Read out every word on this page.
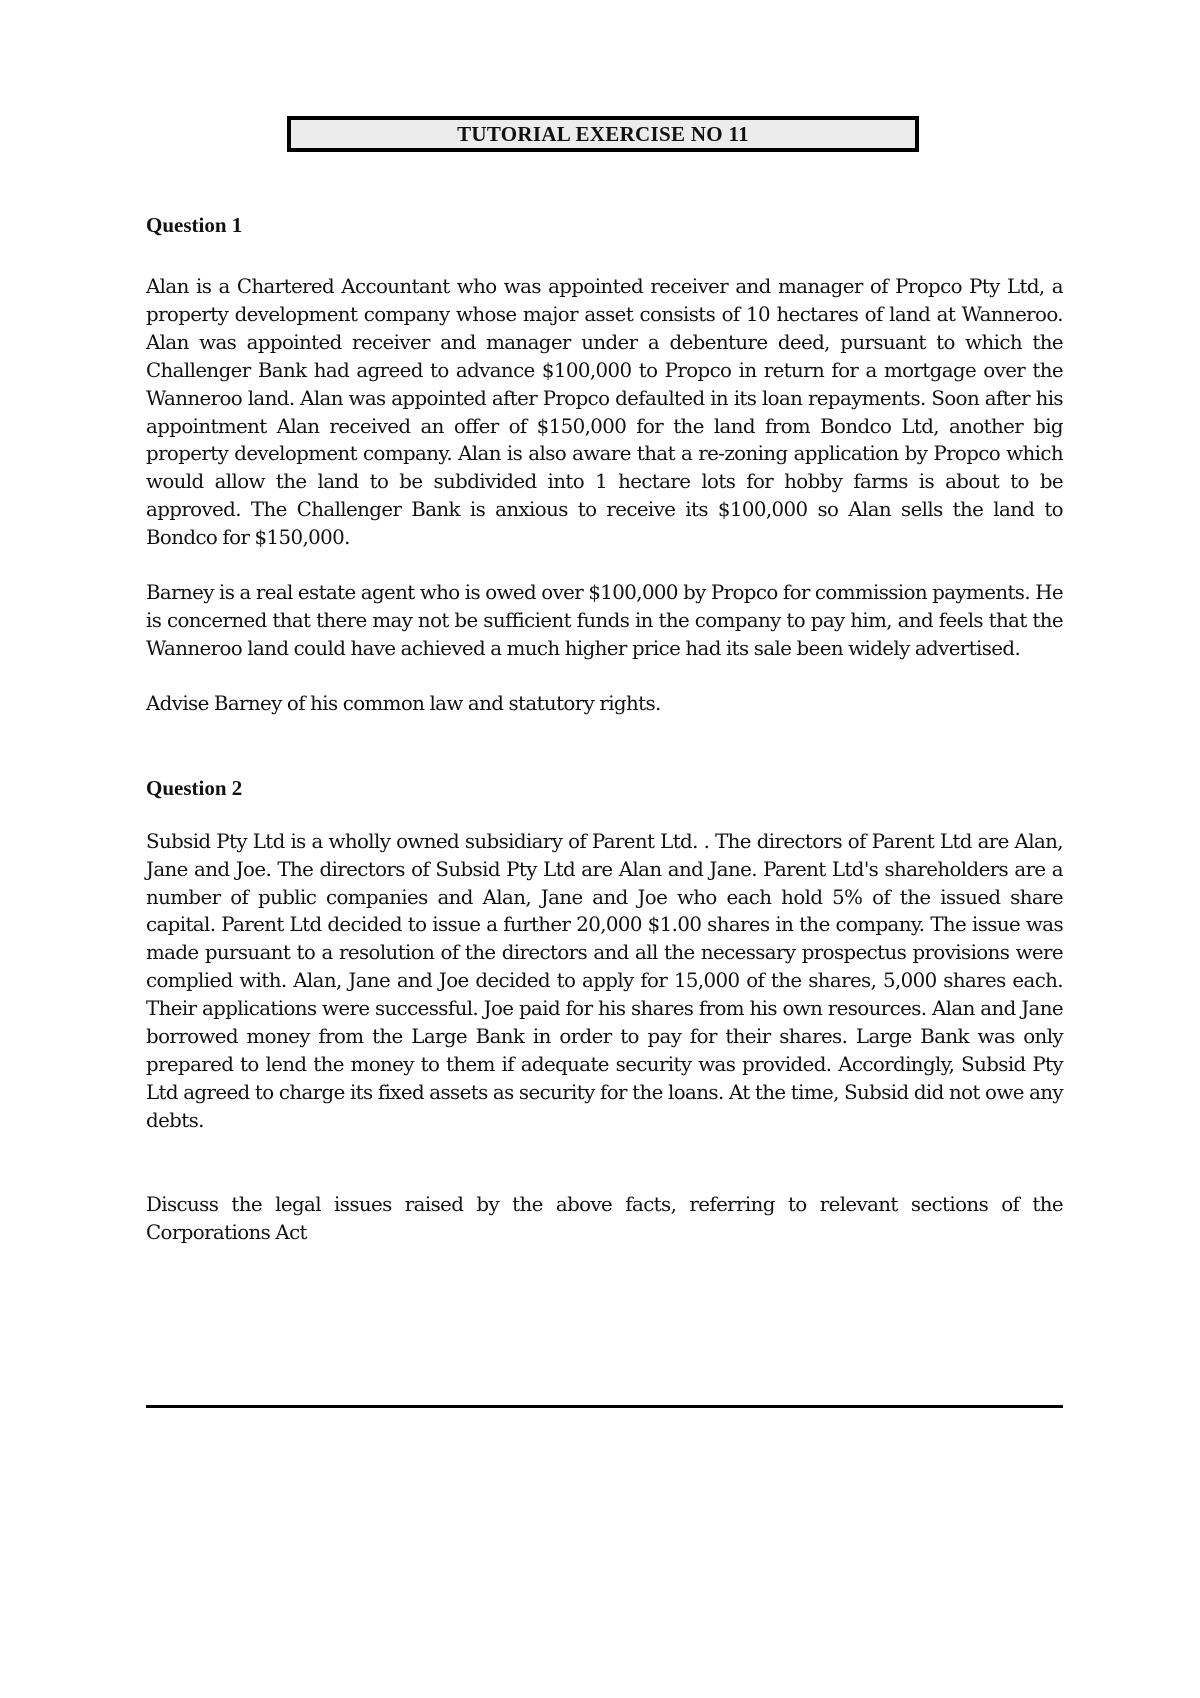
TUTORIAL EXERCISE NO 11
Question 1

Alan is a Chartered Accountant who was appointed receiver and manager of Propco Pty Ltd, a property development company whose major asset consists of 10 hectares of land at Wanneroo. Alan was appointed receiver and manager under a debenture deed, pursuant to which the Challenger Bank had agreed to advance $100,000 to Propco in return for a mortgage over the Wanneroo land. Alan was appointed after Propco defaulted in its loan repayments. Soon after his appointment Alan received an offer of $150,000 for the land from Bondco Ltd, another big property development company. Alan is also aware that a re-zoning application by Propco which would allow the land to be subdivided into 1 hectare lots for hobby farms is about to be approved. The Challenger Bank is anxious to receive its $100,000 so Alan sells the land to Bondco for $150,000.

Barney is a real estate agent who is owed over $100,000 by Propco for commission payments. He is concerned that there may not be sufficient funds in the company to pay him, and feels that the Wanneroo land could have achieved a much higher price had its sale been widely advertised.

Advise Barney of his common law and statutory rights.

Question 2

Subsid Pty Ltd is a wholly owned subsidiary of Parent Ltd. . The directors of Parent Ltd are Alan, Jane and Joe. The directors of Subsid Pty Ltd are Alan and Jane. Parent Ltd's shareholders are a number of public companies and Alan, Jane and Joe who each hold 5% of the issued share capital. Parent Ltd decided to issue a further 20,000 $1.00 shares in the company. The issue was made pursuant to a resolution of the directors and all the necessary prospectus provisions were complied with. Alan, Jane and Joe decided to apply for 15,000 of the shares, 5,000 shares each. Their applications were successful. Joe paid for his shares from his own resources. Alan and Jane borrowed money from the Large Bank in order to pay for their shares. Large Bank was only prepared to lend the money to them if adequate security was provided. Accordingly, Subsid Pty Ltd agreed to charge its fixed assets as security for the loans. At the time, Subsid did not owe any debts.

Discuss the legal issues raised by the above facts, referring to relevant sections of the Corporations Act
